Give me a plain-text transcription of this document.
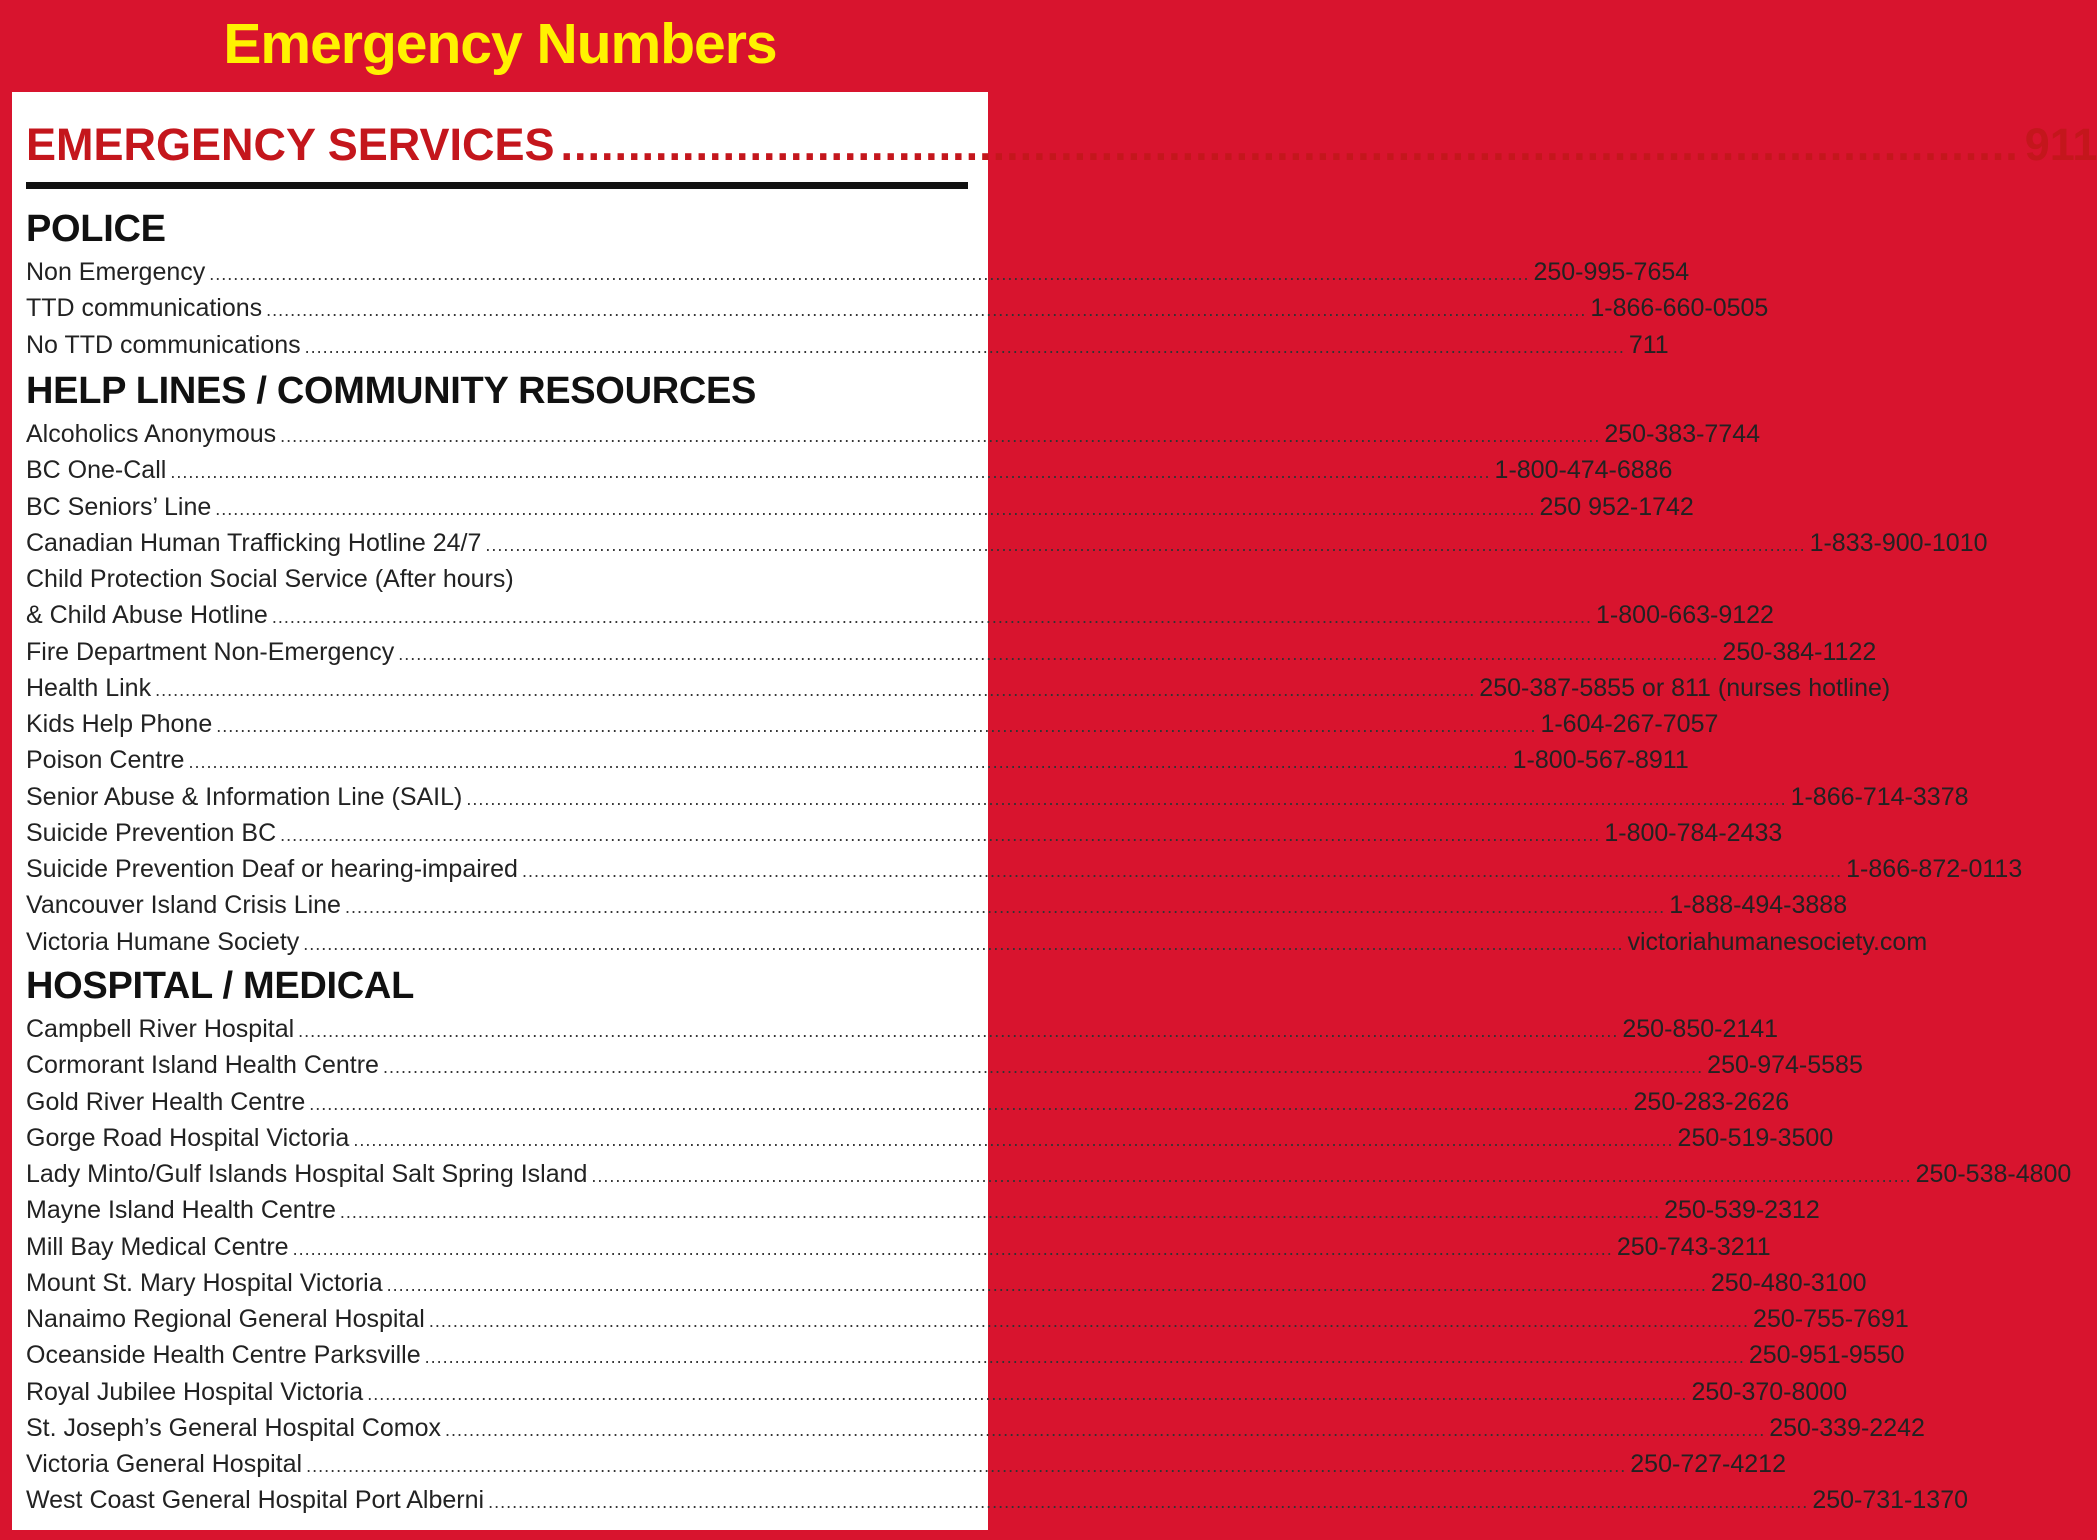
Emergency Numbers
EMERGENCY SERVICES ............................................................................................................ 911
POLICE
Non Emergency ............................................................................................................................................................................................................................ 250-995-7654
TTD communications ............................................................................................................................................................................................................................ 1-866-660-0505
No TTD communications ............................................................................................................................................................................................................................ 711
HELP LINES / COMMUNITY RESOURCES
Alcoholics Anonymous ............................................................................................................................................................................................................................ 250-383-7744
BC One-Call ............................................................................................................................................................................................................................ 1-800-474-6886
BC Seniors’ Line ............................................................................................................................................................................................................................ 250 952-1742
Canadian Human Trafficking Hotline 24/7 ............................................................................................................................................................................................................................ 1-833-900-1010
Child Protection Social Service (After hours)
& Child Abuse Hotline ............................................................................................................................................................................................................................ 1-800-663-9122
Fire Department Non-Emergency ............................................................................................................................................................................................................................ 250-384-1122
Health Link ............................................................................................................................................................................................................................ 250-387-5855 or 811 (nurses hotline)
Kids Help Phone ............................................................................................................................................................................................................................ 1-604-267-7057
Poison Centre ............................................................................................................................................................................................................................ 1-800-567-8911
Senior Abuse & Information Line (SAIL) ............................................................................................................................................................................................................................ 1-866-714-3378
Suicide Prevention BC ............................................................................................................................................................................................................................ 1-800-784-2433
Suicide Prevention Deaf or hearing-impaired ............................................................................................................................................................................................................................ 1-866-872-0113
Vancouver Island Crisis Line ............................................................................................................................................................................................................................ 1-888-494-3888
Victoria Humane Society ............................................................................................................................................................................................................................ victoriahumanesociety.com
HOSPITAL / MEDICAL
Campbell River Hospital ............................................................................................................................................................................................................................ 250-850-2141
Cormorant Island Health Centre ............................................................................................................................................................................................................................ 250-974-5585
Gold River Health Centre ............................................................................................................................................................................................................................ 250-283-2626
Gorge Road Hospital Victoria ............................................................................................................................................................................................................................ 250-519-3500
Lady Minto/Gulf Islands Hospital Salt Spring Island ............................................................................................................................................................................................................................ 250-538-4800
Mayne Island Health Centre ............................................................................................................................................................................................................................ 250-539-2312
Mill Bay Medical Centre ............................................................................................................................................................................................................................ 250-743-3211
Mount St. Mary Hospital Victoria ............................................................................................................................................................................................................................ 250-480-3100
Nanaimo Regional General Hospital ............................................................................................................................................................................................................................ 250-755-7691
Oceanside Health Centre Parksville ............................................................................................................................................................................................................................ 250-951-9550
Royal Jubilee Hospital Victoria ............................................................................................................................................................................................................................ 250-370-8000
St. Joseph’s General Hospital Comox ............................................................................................................................................................................................................................ 250-339-2242
Victoria General Hospital ............................................................................................................................................................................................................................ 250-727-4212
West Coast General Hospital Port Alberni ............................................................................................................................................................................................................................ 250-731-1370
